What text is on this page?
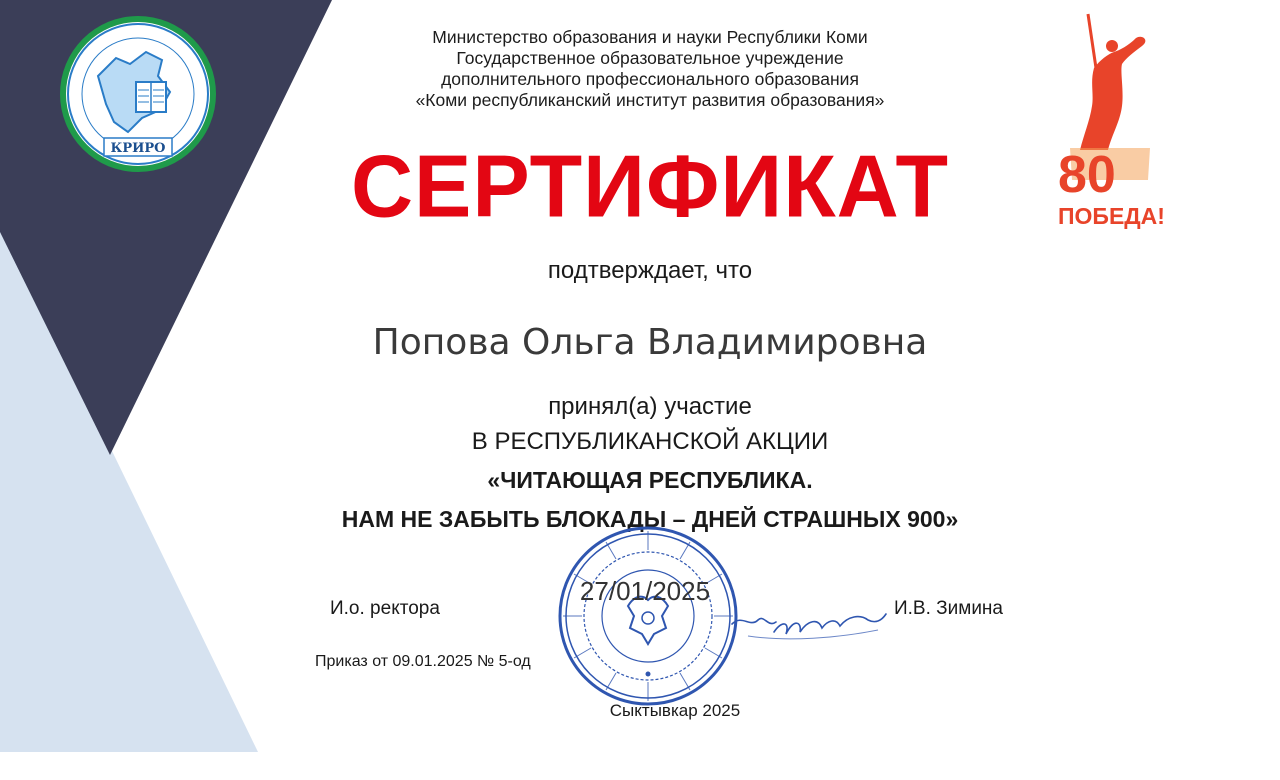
КРИРО	80
ПОБЕДА!
Министерство образования и науки Республики Коми
Государственное образовательное учреждение
дополнительного профессионального образования
«Коми республиканский институт развития образования»
СЕРТИФИКАТ
подтверждает, что
Попова Ольга Владимировна
принял(а) участие
В РЕСПУБЛИКАНСКОЙ АКЦИИ
«ЧИТАЮЩАЯ РЕСПУБЛИКА.
НАМ НЕ ЗАБЫТЬ БЛОКАДЫ – ДНЕЙ СТРАШНЫХ 900»
27/01/2025
И.о. ректора	И.В. Зимина
Приказ от 09.01.2025 № 5-од
Сыктывкар 2025
